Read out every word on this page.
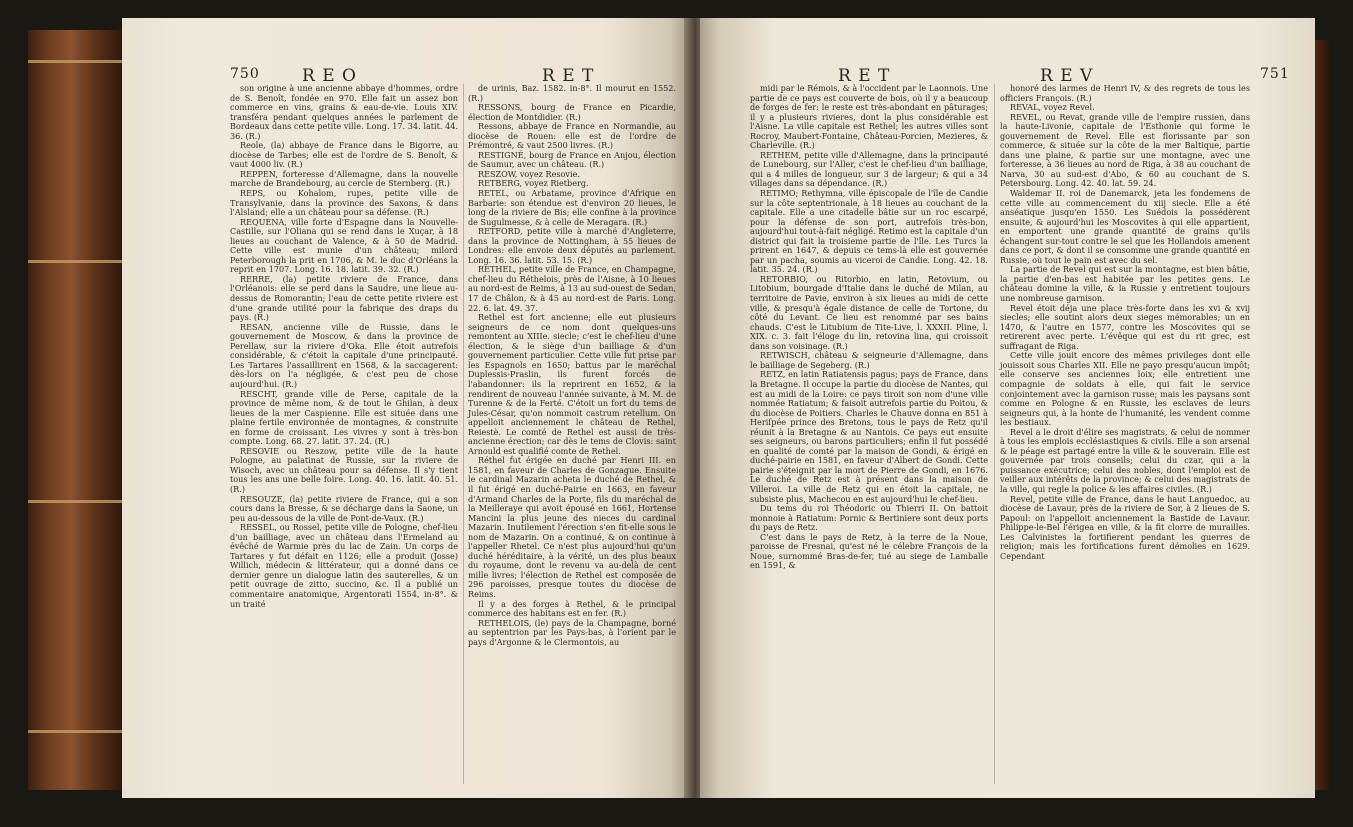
750 R E O	R E T

son origine à une ancienne abbaye d'hommes, ordre de S. Benoît, fondée en 970. Elle fait un assez bon commerce en vins, grains & eau-de-vie. Louis XIV. transféra pendant quelques années le parlement de Bordeaux dans cette petite ville. Long. 17. 34. latit. 44. 36. (R.)

Reole, (la) abbaye de France dans le Bigorre, au diocèse de Tarbes; elle est de l'ordre de S. Benoît, & vaut 4000 liv. (R.)

REPPEN, forteresse d'Allemagne, dans la nouvelle marche de Brandebourg, au cercle de Sternberg. (R.)

REPS, ou Kohalom, rupes, petite ville de Transylvanie, dans la province des Saxons, & dans l'Alsland; elle a un château pour sa défense. (R.)

REQUENA, ville forte d'Espagne dans la Nouvelle-Castille, sur l'Oliana qui se rend dans le Xuçar, à 18 lieues au couchant de Valence, & à 50 de Madrid. Cette ville est munie d'un château; milord Peterborough la prit en 1706, & M. le duc d'Orléans la reprit en 1707. Long. 16. 18. latit. 39. 32. (R.)

RERRE, (la) petite riviere de France, dans l'Orléanois: elle se perd dans la Saudre, une lieue au-dessus de Romorantin; l'eau de cette petite riviere est d'une grande utilité pour la fabrique des draps du pays. (R.)

RESAN, ancienne ville de Russie, dans le gouvernement de Moscow, & dans la province de Perellaw, sur la riviere d'Oka. Elle étoit autrefois considérable, & c'étoit la capitale d'une principauté. Les Tartares l'assaillirent en 1568, & la saccagerent: dès-lors on l'a négligée, & c'est peu de chose aujourd'hui. (R.)

RESCHT, grande ville de Perse, capitale de la province de même nom, & de tout le Ghilan, à deux lieues de la mer Caspienne. Elle est située dans une plaine fertile environnée de montagnes, & construite en forme de croissant. Les vivres y sont à très-bon compte. Long. 68. 27. latit. 37. 24. (R.)

RESOVIE ou Reszow, petite ville de la haute Pologne, au palatinat de Russie, sur la riviere de Wisoch, avec un château pour sa défense. Il s'y tient tous les ans une belle foire. Long. 40. 16. latit. 40. 51. (R.)

RESOUZE, (la) petite riviere de France, qui a son cours dans la Bresse, & se décharge dans la Saone, un peu au-dessous de la ville de Pont-de-Vaux. (R.)

RESSEL, ou Rossel, petite ville de Pologne, chef-lieu d'un bailliage, avec un château dans l'Ermeland au évêché de Warmie près du lac de Zain. Un corps de Tartares y fut défait en 1126; elle a produit (Josse) Willich, médecin & littérateur, qui a donné dans ce dernier genre un dialogue latin des sauterelles, & un petit ouvrage de zitto, succino, &c. Il a publié un commentaire anatomique, Argentorati 1554, in-8°. & un traité

de urinis, Baz. 1582. in-8°. Il mourut en 1552. (R.)

RESSONS, bourg de France en Picardie, élection de Montdidier. (R.)

Ressons, abbaye de France en Normandie, au diocèse de Rouen: elle est de l'ordre de Prémontré, & vaut 2500 livres. (R.)

RESTIGNÉ, bourg de France en Anjou, élection de Saumur, avec un château. (R.)

RESZOW, voyez Resovie.

RETBERG, voyez Rietberg.

RETEL, ou Arbatame, province d'Afrique en Barbarie: son étendue est d'environ 20 lieues, le long de la riviere de Bis; elle confine à la province de Sugulmesse, & à celle de Meragara. (R.)

RETFORD, petite ville à marché d'Angleterre, dans la province de Nottingham, à 55 lieues de Londres: elle envoie deux députés au parlement. Long. 16. 36. latit. 53. 15. (R.)

RETHEL, petite ville de France, en Champagne, chef-lieu du Réthelois, près de l'Aisne, à 10 lieues au nord-est de Reims, à 13 au sud-ouest de Sedan, 17 de Châlon, & à 45 au nord-est de Paris. Long. 22. 6. lat. 49. 37.

Rethel est fort ancienne; elle eut plusieurs seigneurs de ce nom dont quelques-uns remontent au XIIIe. siecle; c'est le chef-lieu d'une élection, & le siège d'un bailliage & d'un gouvernement particulier. Cette ville fut prise par les Espagnols en 1650; battus par le maréchal Duplessis-Praslin, ils furent forcés de l'abandonner: ils la reprirent en 1652, & la rendirent de nouveau l'année suivante, à M. M. de Turenne & de la Ferté. C'étoit un fort du tems de Jules-César, qu'on nommoit castrum retellum. On appelloit anciennement le château de Rethel, Reiestè. Le comté de Rethel est aussi de très-ancienne érection; car dès le tems de Clovis: saint Arnould est qualifié comte de Rethel.

Réthel fut érigée en duché par Henri III. en 1581, en faveur de Charles de Gonzague. Ensuite le cardinal Mazarin acheta le duché de Rethel, & il fut érigé en duché-Pairie en 1663, en faveur d'Armand Charles de la Porte, fils du maréchal de la Meilleraye qui avoit épousé en 1661, Hortense Mancini la plus jeune des nieces du cardinal Mazarin. Inutilement l'érection s'en fit-elle sous le nom de Mazarin. On a continué, & on continue à l'appeller Rhetel. Ce n'est plus aujourd'hui qu'un duché héréditaire, à la vérité, un des plus beaux du royaume, dont le revenu va au-delà de cent mille livres; l'élection de Rethel est composée de 296 paroisses, presque toutes du diocèse de Reims.

Il y a des forges à Rethel, & le principal commerce des habitans est en fer. (R.)

RETHELOIS, (le) pays de la Champagne, borné au septentrion par les Pays-bas, à l'orient par le pays d'Argonne & le Clermontois, au

R E T	R E V	751

midi par le Rémois, & à l'occident par le Laonnois. Une partie de ce pays est couverte de bois, où il y a beaucoup de forges de fer: le reste est très-abondant en pâturages; il y a plusieurs rivieres, dont la plus considérable est l'Aisne. La ville capitale est Rethel; les autres villes sont Rocroy, Maubert-Fontaine, Château-Porcien, Mezieres, & Charleville. (R.)

RETHEM, petite ville d'Allemagne, dans la principauté de Lunebourg, sur l'Aller, c'est le chef-lieu d'un bailliage, qui a 4 milles de longueur, sur 3 de largeur; & qui a 34 villages dans sa dépendance. (R.)

RETIMO; Rethymna, ville épiscopale de l'île de Candie sur la côte septentrionale, à 18 lieues au couchant de la capitale. Elle a une citadelle bâtie sur un roc escarpé, pour la défense de son port, autrefois très-bon, aujourd'hui tout-à-fait négligé. Retimo est la capitale d'un district qui fait la troisieme partie de l'île. Les Turcs la prirent en 1647, & depuis ce tems-là elle est gouvernée par un pacha, soumis au viceroi de Candie. Long. 42. 18. latit. 35. 24. (R.)

RETORBIO, ou Ritorbio, en latin, Retovium, ou Litobium, bourgade d'Italie dans le duché de Milan, au territoire de Pavie, environ à six lieues au midi de cette ville, & presqu'à égale distance de celle de Tortone, du côté du Levant. Ce lieu est renommé par ses bains chauds. C'est le Litubium de Tite-Live, l. XXXII. Pline, l. XIX. c. 3. fait l'éloge du lin, retovina lina, qui croissoit dans son voisinage. (R.)

RETWISCH, château & seigneurie d'Allemagne, dans le bailliage de Segeberg. (R.)

RETZ, en latin Ratiatensis pagus; pays de France, dans la Bretagne. Il occupe la partie du diocèse de Nantes, qui est au midi de la Loire: ce pays tiroit son nom d'une ville nommée Ratiatum; & faisoit autrefois partie du Poitou, & du diocèse de Poitiers. Charles le Chauve donna en 851 à Heriſpée prince des Bretons, tous le pays de Retz qu'il réunit à la Bretagne & au Nantois. Ce pays eut ensuite ses seigneurs, ou barons particuliers; enfin il fut possédé en qualité de comté par la maison de Gondi, & érigé en duché-pairie en 1581, en faveur d'Albert de Gondi. Cette pairie s'éteignit par la mort de Pierre de Gondi, en 1676. Le duché de Retz est à présent dans la maison de Villeroi. La ville de Retz qui en étoit la capitale, ne subsiste plus, Machecou en est aujourd'hui le chef-lieu.

Du tems du roi Théodoric ou Thierri II. On battoit monnoie à Ratiatum: Pornic & Bertiniere sont deux ports du pays de Retz.

C'est dans le pays de Retz, à la terre de la Noue, paroisse de Fresnai, qu'est né le célebre François de la Noue, surnommé Bras-de-fer, tué au siege de Lamballe en 1591, &

honoré des larmes de Henri IV, & des regrets de tous les officiers François. (R.)

REVAL, voyez Revel.

REVEL, ou Revat, grande ville de l'empire russien, dans la haute-Livonie, capitale de l'Esthonie qui forme le gouvernement de Revel. Elle est florissante par son commerce, & située sur la côte de la mer Baltique, partie dans une plaine, & partie sur une montagne, avec une forteresse, à 36 lieues au nord de Riga, à 38 au couchant de Narva, 30 au sud-est d'Abo, & 60 au couchant de S. Petersbourg. Long. 42. 40. lat. 59. 24.

Waldemar II. roi de Danemarck, jeta les fondemens de cette ville au commencement du xiij siecle. Elle a été anséatique jusqu'en 1550. Les Suédois la possédèrent ensuite, & aujourd'hui les Moscovites à qui elle appartient, en emportent une grande quantité de grains qu'ils échangent sur-tout contre le sel que les Hollandois amenent dans ce port, & dont il se consomme une grande quantité en Russie, où tout le pain est avec du sel.

La partie de Revel qui est sur la montagne, est bien bâtie, la partie d'en-bas est habitée par les petites gens. Le château domine la ville, & la Russie y entretient toujours une nombreuse garnison.

Revel étoit déja une place très-forte dans les xvi & xvij siecles; elle soutint alors deux sieges mémorables; un en 1470, & l'autre en 1577, contre les Moscovites qui se retirerent avec perte. L'évêque qui est du rit grec, est suffragant de Riga.

Cette ville jouit encore des mêmes privileges dont elle jouissoit sous Charles XII. Elle ne payo presqu'aucun impôt; elle conserve ses anciennes loix; elle entretient une compagnie de soldats à elle, qui fait le service conjointement avec la garnison russe; mais les paysans sont comme en Pologne & en Russie, les esclaves de leurs seigneurs qui, à la honte de l'humanité, les vendent comme les bestiaux.

Revel a le droit d'élire ses magistrats, & celui de nommer à tous les emplois ecclésiastiques & civils. Elle a son arsenal & le péage est partagé entre la ville & le souverain. Elle est gouvernée par trois conseils; celui du czar, qui a la puissance exécutrice; celui des nobles, dont l'emploi est de veiller aux intérêts de la province; & celui des magistrats de la ville, qui regle la police & les affaires civiles. (R.)

Revel, petite ville de France, dans le haut Languedoc, au diocèse de Lavaur, près de la riviere de Sor, à 2 lieues de S. Papoul: on l'appelloit anciennement la Bastide de Lavaur. Philippe-le-Bel l'érigea en ville, & la fit clorre de murailles. Les Calvinistes la fortifierent pendant les guerres de religion; mais les fortifications furent démolies en 1629. Cependant
